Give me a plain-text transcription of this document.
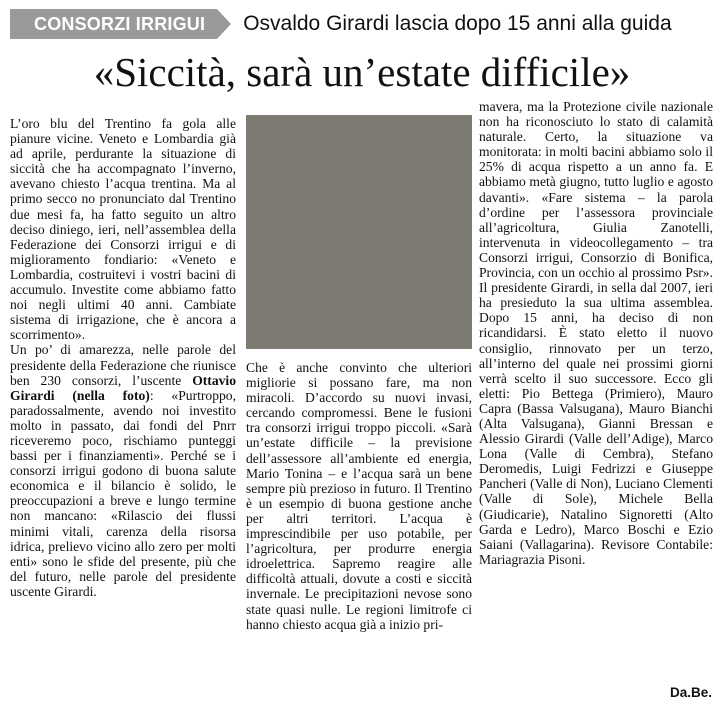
CONSORZI IRRIGUI	Osvaldo Girardi lascia dopo 15 anni alla guida
«Siccità, sarà un’estate difficile»

L’oro blu del Trentino fa gola alle pianure vicine. Veneto e Lombardia già ad aprile, perdurante la situazione di siccità che ha accompagnato l’inverno, avevano chiesto l’acqua trentina. Ma al primo secco no pronunciato dal Trentino due mesi fa, ha fatto seguito un altro deciso diniego, ieri, nell’assemblea della Federazione dei Consorzi irrigui e di miglioramento fondiario: «Veneto e Lombardia, costruitevi i vostri bacini di accumulo. Investite come abbiamo fatto noi negli ultimi 40 anni. Cambiate sistema di irrigazione, che è ancora a scorrimento».

Un po’ di amarezza, nelle parole del presidente della Federazione che riunisce ben 230 consorzi, l’uscente Ottavio Girardi (nella foto): «Purtroppo, paradossalmente, avendo noi investito molto in passato, dai fondi del Pnrr riceveremo poco, rischiamo punteggi bassi per i finanziamenti». Perché se i consorzi irrigui godono di buona salute economica e il bilancio è solido, le preoccupazioni a breve e lungo termine non mancano: «Rilascio dei flussi minimi vitali, carenza della risorsa idrica, prelievo vicino allo zero per molti enti» sono le sfide del presente, più che del futuro, nelle parole del presidente uscente Girardi.

Che è anche convinto che ulteriori migliorie si possano fare, ma non miracoli. D’accordo su nuovi invasi, cercando compromessi. Bene le fusioni tra consorzi irrigui troppo piccoli. «Sarà un’estate difficile – la previsione dell’assessore all’ambiente ed energia, Mario Tonina – e l’acqua sarà un bene sempre più prezioso in futuro. Il Trentino è un esempio di buona gestione anche per altri territori. L’acqua è imprescindibile per uso potabile, per l’agricoltura, per produrre energia idroelettrica. Sapremo reagire alle difficoltà attuali, dovute a costi e siccità invernale. Le precipitazioni nevose sono state quasi nulle. Le regioni limitrofe ci hanno chiesto acqua già a inizio pri-

mavera, ma la Protezione civile nazionale non ha riconosciuto lo stato di calamità naturale. Certo, la situazione va monitorata: in molti bacini abbiamo solo il 25% di acqua rispetto a un anno fa. E abbiamo metà giugno, tutto luglio e agosto davanti». «Fare sistema – la parola d’ordine per l’assessora provinciale all’agricoltura, Giulia Zanotelli, intervenuta in videocollegamento – tra Consorzi irrigui, Consorzio di Bonifica, Provincia, con un occhio al prossimo Psr». Il presidente Girardi, in sella dal 2007, ieri ha presieduto la sua ultima assemblea. Dopo 15 anni, ha deciso di non ricandidarsi. È stato eletto il nuovo consiglio, rinnovato per un terzo, all’interno del quale nei prossimi giorni verrà scelto il suo successore. Ecco gli eletti: Pio Bettega (Primiero), Mauro Capra (Bassa Valsugana), Mauro Bianchi (Alta Valsugana), Gianni Bressan e Alessio Girardi (Valle dell’Adige), Marco Lona (Valle di Cembra), Stefano Deromedis, Luigi Fedrizzi e Giuseppe Pancheri (Valle di Non), Luciano Clementi (Valle di Sole), Michele Bella (Giudicarie), Natalino Signoretti (Alto Garda e Ledro), Marco Boschi e Ezio Saiani (Vallagarina). Revisore Contabile: Mariagrazia Pisoni.

Da.Be.
